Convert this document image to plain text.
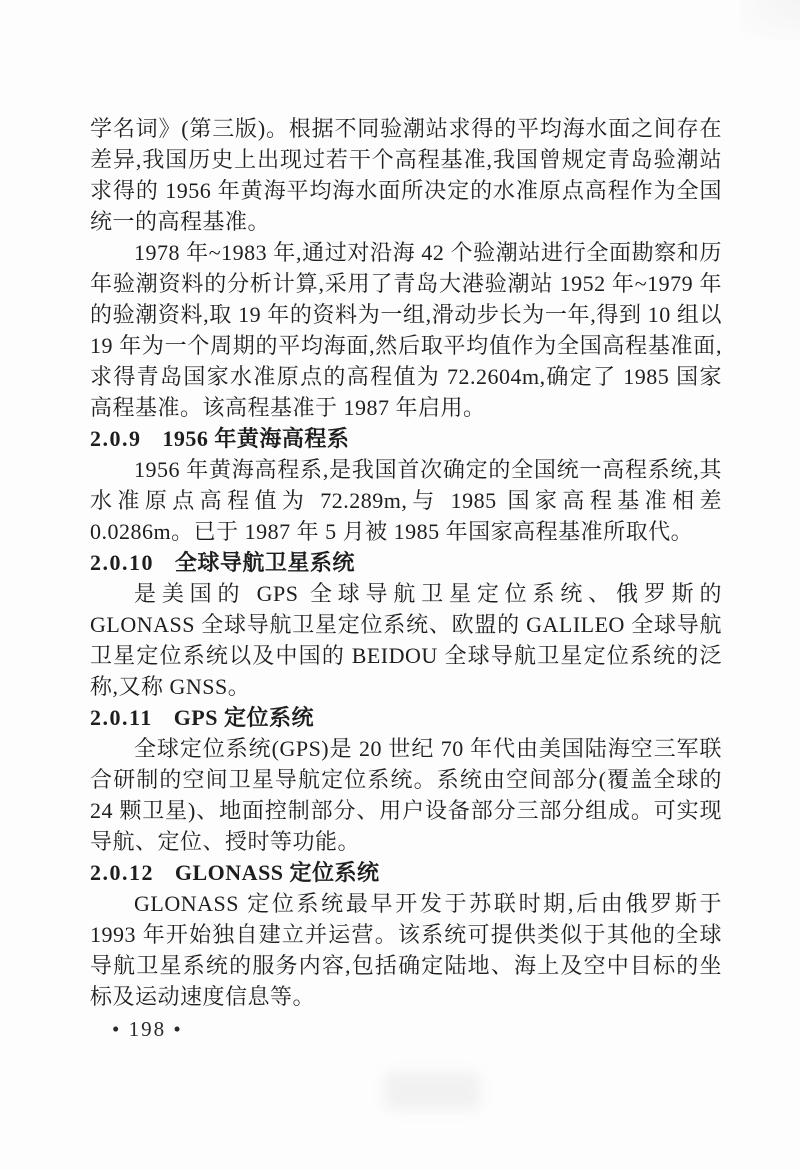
学名词》(第三版)。根据不同验潮站求得的平均海水面之间存在差异,我国历史上出现过若干个高程基准,我国曾规定青岛验潮站求得的 1956 年黄海平均海水面所决定的水准原点高程作为全国统一的高程基准。

1978 年~1983 年,通过对沿海 42 个验潮站进行全面勘察和历年验潮资料的分析计算,采用了青岛大港验潮站 1952 年~1979 年的验潮资料,取 19 年的资料为一组,滑动步长为一年,得到 10 组以 19 年为一个周期的平均海面,然后取平均值作为全国高程基准面,求得青岛国家水准原点的高程值为 72.2604m,确定了 1985 国家高程基准。该高程基准于 1987 年启用。

2.0.9 1956 年黄海高程系

1956 年黄海高程系,是我国首次确定的全国统一高程系统,其水准原点高程值为 72.289m,与 1985 国家高程基准相差 0.0286m。已于 1987 年 5 月被 1985 年国家高程基准所取代。

2.0.10 全球导航卫星系统

是美国的 GPS 全球导航卫星定位系统、俄罗斯的 GLONASS 全球导航卫星定位系统、欧盟的 GALILEO 全球导航卫星定位系统以及中国的 BEIDOU 全球导航卫星定位系统的泛称,又称 GNSS。

2.0.11 GPS 定位系统

全球定位系统(GPS)是 20 世纪 70 年代由美国陆海空三军联合研制的空间卫星导航定位系统。系统由空间部分(覆盖全球的 24 颗卫星)、地面控制部分、用户设备部分三部分组成。可实现导航、定位、授时等功能。

2.0.12 GLONASS 定位系统

GLONASS 定位系统最早开发于苏联时期,后由俄罗斯于 1993 年开始独自建立并运营。该系统可提供类似于其他的全球导航卫星系统的服务内容,包括确定陆地、海上及空中目标的坐标及运动速度信息等。

• 198 •
